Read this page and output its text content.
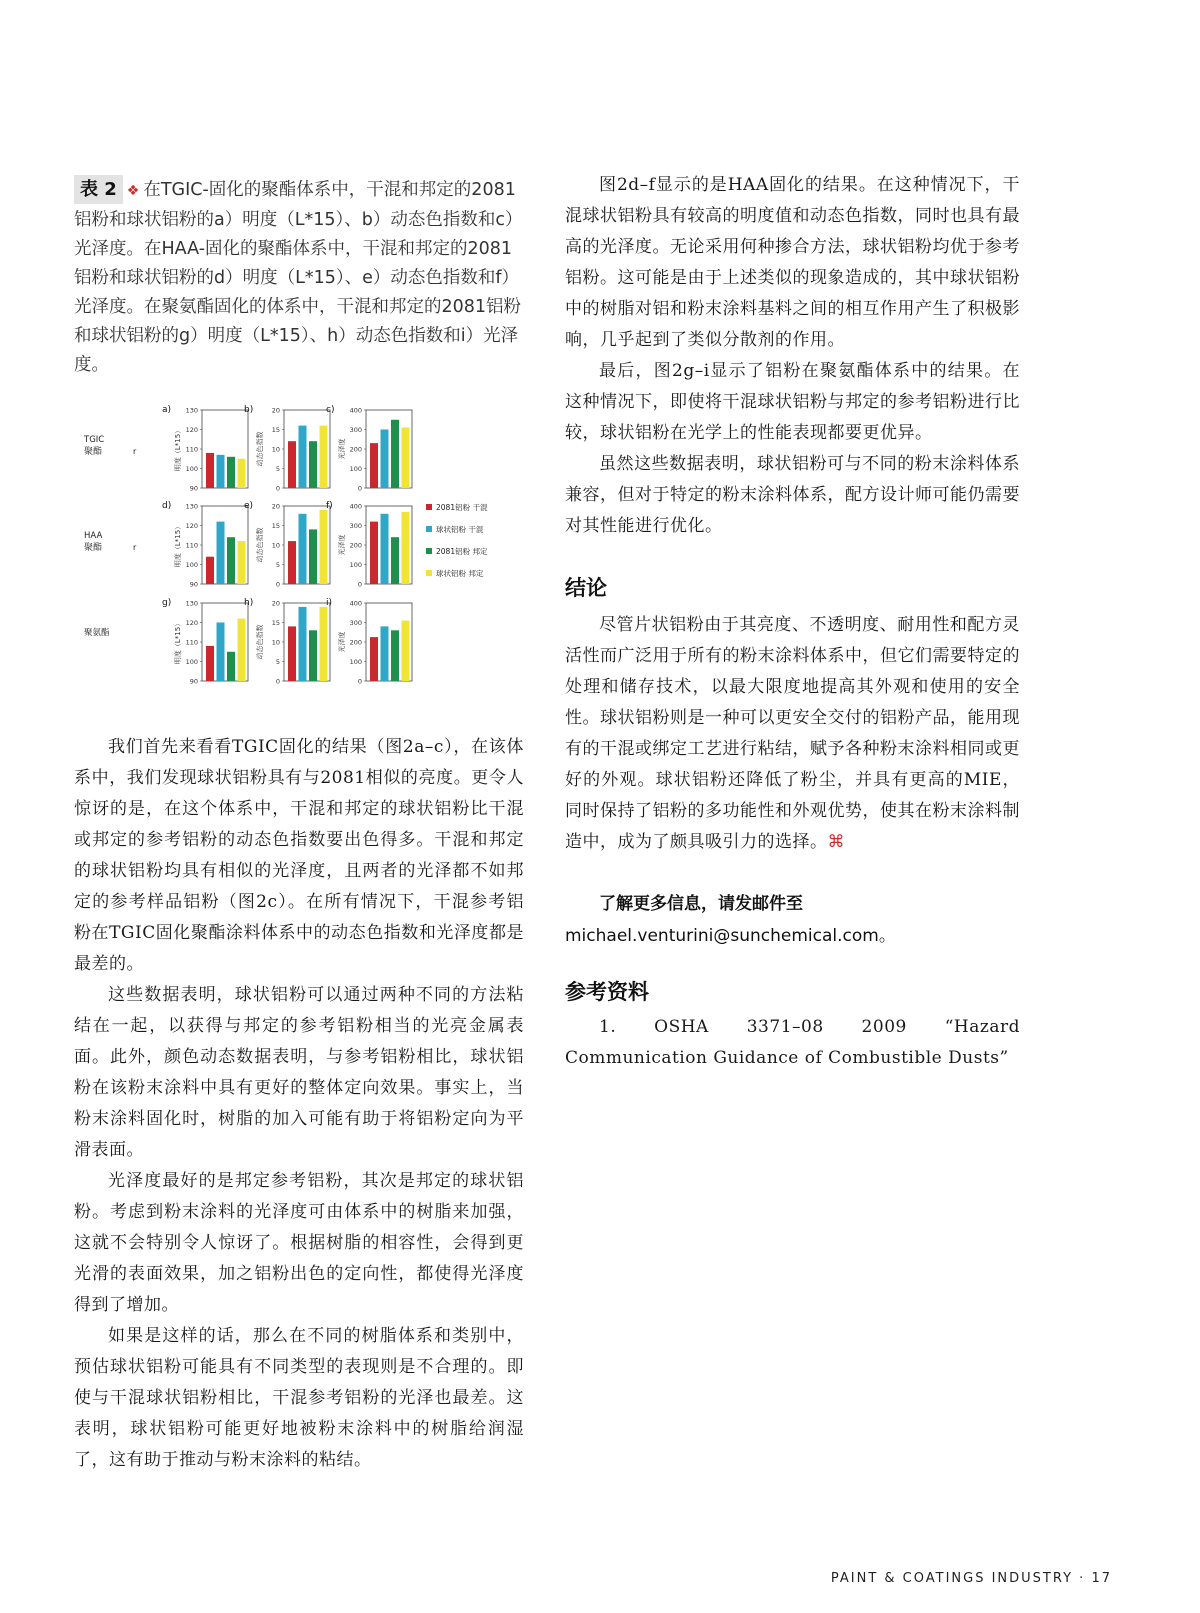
表 2 ❖ 在TGIC-固化的聚酯体系中，干混和邦定的2081铝粉和球状铝粉的a）明度（L*15）、b）动态色指数和c）光泽度。在HAA-固化的聚酯体系中，干混和邦定的2081铝粉和球状铝粉的d）明度（L*15）、e）动态色指数和f）光泽度。在聚氨酯固化的体系中，干混和邦定的2081铝粉和球状铝粉的g）明度（L*15）、h）动态色指数和i）光泽度。
TGIC
聚酯	r
HAA
聚酯	r
聚氨酯
a) 130
120
110
100
90
明度（L*15）
b)	20
15
10
5
0
动态色指数
c) 400
300
200
100
0
光泽度
d) 130
120
110
100
90
明度（L*15）
e)	20
15
10
5
0
动态色指数
f)	400
300
200
100
0
光泽度
g) 130
120
110
100
90
明度（L*15）
h)	20
15
10
5
0
动态色指数
i)	400
300
200
100
0
光泽度
2081铝粉 干混
球状铝粉 干混
2081铝粉 邦定
球状铝粉 邦定

我们首先来看看TGIC固化的结果（图2a–c），在该体系中，我们发现球状铝粉具有与2081相似的亮度。更令人惊讶的是，在这个体系中，干混和邦定的球状铝粉比干混或邦定的参考铝粉的动态色指数要出色得多。干混和邦定的球状铝粉均具有相似的光泽度，且两者的光泽都不如邦定的参考样品铝粉（图2c）。在所有情况下，干混参考铝粉在TGIC固化聚酯涂料体系中的动态色指数和光泽度都是最差的。

这些数据表明，球状铝粉可以通过两种不同的方法粘结在一起，以获得与邦定的参考铝粉相当的光亮金属表面。此外，颜色动态数据表明，与参考铝粉相比，球状铝粉在该粉末涂料中具有更好的整体定向效果。事实上，当粉末涂料固化时，树脂的加入可能有助于将铝粉定向为平滑表面。

光泽度最好的是邦定参考铝粉，其次是邦定的球状铝粉。考虑到粉末涂料的光泽度可由体系中的树脂来加强，这就不会特别令人惊讶了。根据树脂的相容性，会得到更光滑的表面效果，加之铝粉出色的定向性，都使得光泽度得到了增加。

如果是这样的话，那么在不同的树脂体系和类别中，预估球状铝粉可能具有不同类型的表现则是不合理的。即使与干混球状铝粉相比，干混参考铝粉的光泽也最差。这表明，球状铝粉可能更好地被粉末涂料中的树脂给润湿了，这有助于推动与粉末涂料的粘结。

图2d–f显示的是HAA固化的结果。在这种情况下，干混球状铝粉具有较高的明度值和动态色指数，同时也具有最高的光泽度。无论采用何种掺合方法，球状铝粉均优于参考铝粉。这可能是由于上述类似的现象造成的，其中球状铝粉中的树脂对铝和粉末涂料基料之间的相互作用产生了积极影响，几乎起到了类似分散剂的作用。

最后，图2g–i显示了铝粉在聚氨酯体系中的结果。在这种情况下，即使将干混球状铝粉与邦定的参考铝粉进行比较，球状铝粉在光学上的性能表现都要更优异。

虽然这些数据表明，球状铝粉可与不同的粉末涂料体系兼容，但对于特定的粉末涂料体系，配方设计师可能仍需要对其性能进行优化。

结论

尽管片状铝粉由于其亮度、不透明度、耐用性和配方灵活性而广泛用于所有的粉末涂料体系中，但它们需要特定的处理和储存技术，以最大限度地提高其外观和使用的安全性。球状铝粉则是一种可以更安全交付的铝粉产品，能用现有的干混或绑定工艺进行粘结，赋予各种粉末涂料相同或更好的外观。球状铝粉还降低了粉尘，并具有更高的MIE，同时保持了铝粉的多功能性和外观优势，使其在粉末涂料制造中，成为了颇具吸引力的选择。⌘

了解更多信息，请发邮件至michael.venturini@sunchemical.com。

参考资料

1. OSHA 3371–08 2009 “Hazard Communication Guidance of Combustible Dusts”

PAINT & COATINGS INDUSTRY · 17
